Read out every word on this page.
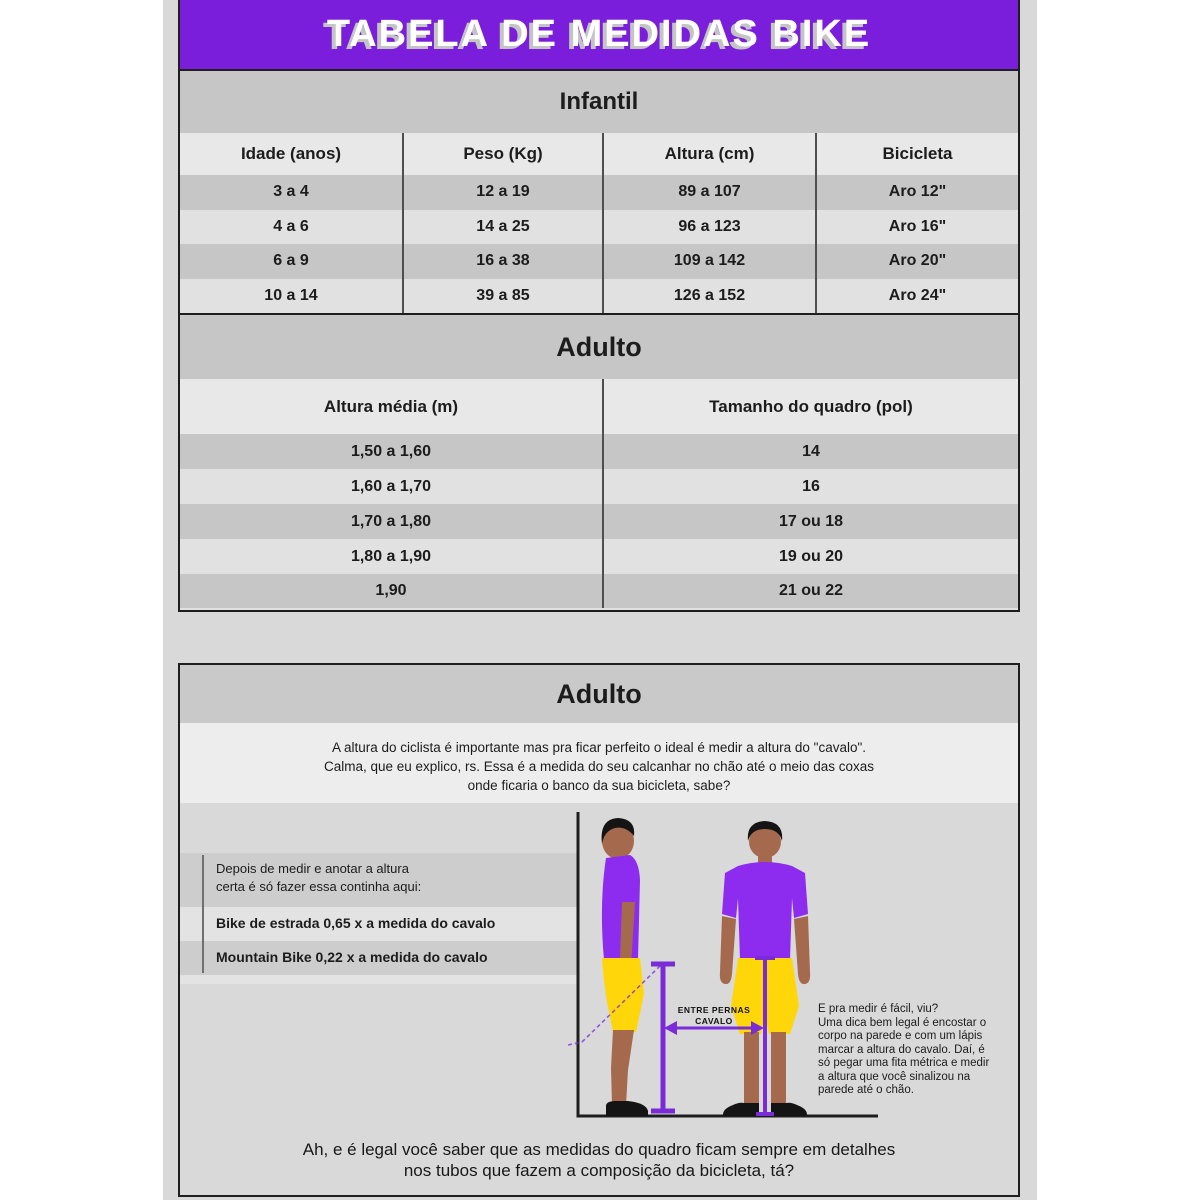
TABELA DE MEDIDAS BIKE
Infantil
Idade (anos)	Peso (Kg)	Altura (cm)	Bicicleta
3 a 4	12 a 19	89 a 107	Aro 12"
4 a 6	14 a 25	96 a 123	Aro 16"
6 a 9	16 a 38	109 a 142	Aro 20"
10 a 14	39 a 85	126 a 152	Aro 24"
Adulto
Altura média (m)	Tamanho do quadro (pol)
1,50 a 1,60	14
1,60 a 1,70	16
1,70 a 1,80	17 ou 18
1,80 a 1,90	19 ou 20
1,90	21 ou 22
Adulto
A altura do ciclista é importante mas pra ficar perfeito o ideal é medir a altura do "cavalo".
Calma, que eu explico, rs. Essa é a medida do seu calcanhar no chão até o meio das coxas
onde ficaria o banco da sua bicicleta, sabe?
Depois de medir e anotar a altura
certa é só fazer essa continha aqui:
Bike de estrada 0,65 x a medida do cavalo
Mountain Bike 0,22 x a medida do cavalo
ENTRE PERNAS
CAVALO
E pra medir é fácil, viu?
Uma dica bem legal é encostar o
corpo na parede e com um lápis
marcar a altura do cavalo. Daí, é
só pegar uma fita métrica e medir
a altura que você sinalizou na
parede até o chão.
Ah, e é legal você saber que as medidas do quadro ficam sempre em detalhes
nos tubos que fazem a composição da bicicleta, tá?
